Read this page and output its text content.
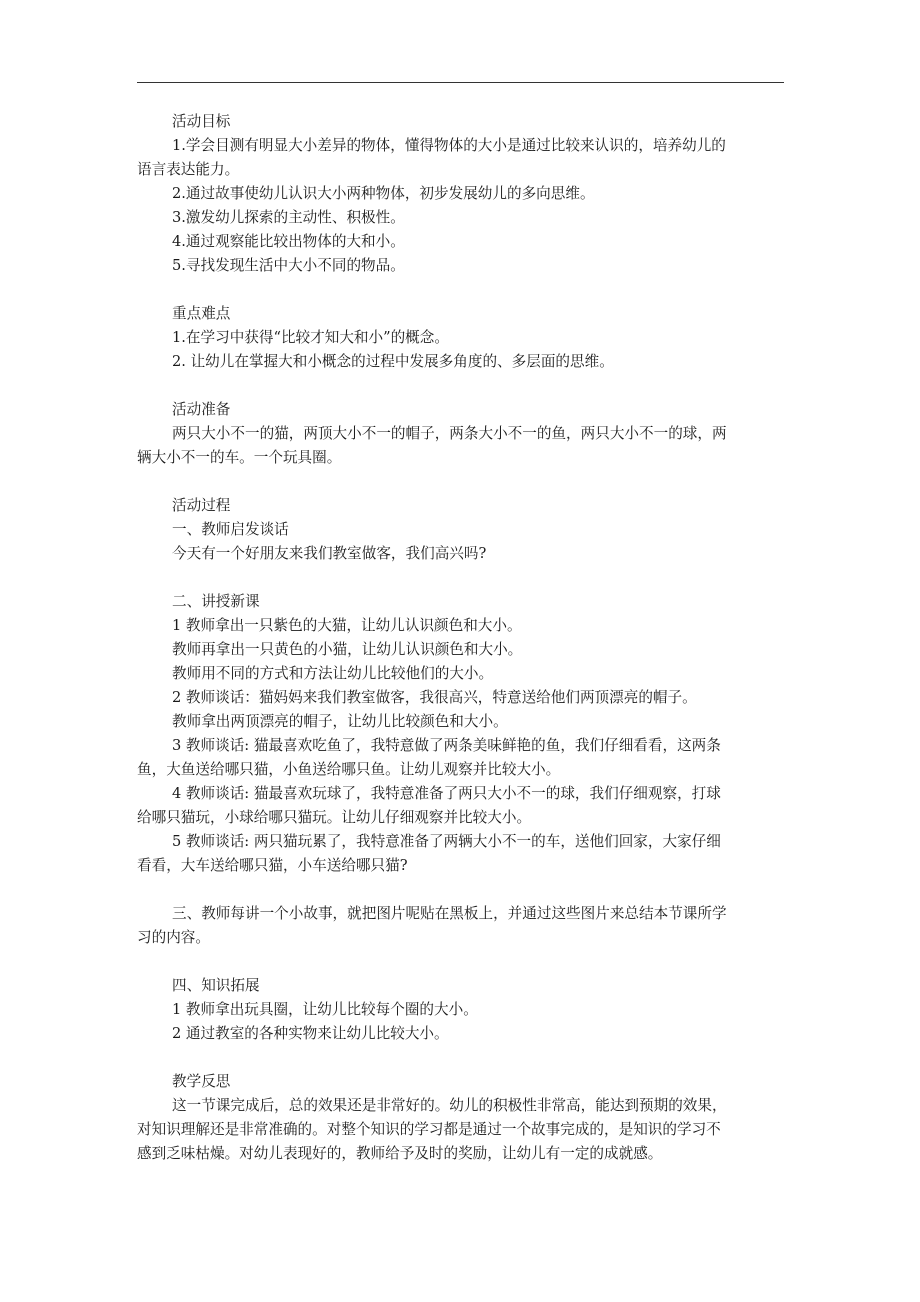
活动目标
1.学会目测有明显大小差异的物体，懂得物体的大小是通过比较来认识的，培养幼儿的
语言表达能力。
2.通过故事使幼儿认识大小两种物体，初步发展幼儿的多向思维。
3.激发幼儿探索的主动性、积极性。
4.通过观察能比较出物体的大和小。
5.寻找发现生活中大小不同的物品。
重点难点
1.在学习中获得“比较才知大和小”的概念。
2. 让幼儿在掌握大和小概念的过程中发展多角度的、多层面的思维。
活动准备
两只大小不一的猫，两顶大小不一的帽子，两条大小不一的鱼，两只大小不一的球，两
辆大小不一的车。一个玩具圈。
活动过程
一、教师启发谈话
今天有一个好朋友来我们教室做客，我们高兴吗?
二、讲授新课
1 教师拿出一只紫色的大猫，让幼儿认识颜色和大小。
教师再拿出一只黄色的小猫，让幼儿认识颜色和大小。
教师用不同的方式和方法让幼儿比较他们的大小。
2 教师谈话：猫妈妈来我们教室做客，我很高兴，特意送给他们两顶漂亮的帽子。
教师拿出两顶漂亮的帽子，让幼儿比较颜色和大小。
3 教师谈话: 猫最喜欢吃鱼了，我特意做了两条美味鲜艳的鱼，我们仔细看看，这两条
鱼，大鱼送给哪只猫，小鱼送给哪只鱼。让幼儿观察并比较大小。
4 教师谈话: 猫最喜欢玩球了，我特意准备了两只大小不一的球，我们仔细观察，打球
给哪只猫玩，小球给哪只猫玩。让幼儿仔细观察并比较大小。
5 教师谈话: 两只猫玩累了，我特意准备了两辆大小不一的车，送他们回家，大家仔细
看看，大车送给哪只猫，小车送给哪只猫?
三、教师每讲一个小故事，就把图片呢贴在黑板上，并通过这些图片来总结本节课所学
习的内容。
四、知识拓展
1 教师拿出玩具圈，让幼儿比较每个圈的大小。
2 通过教室的各种实物来让幼儿比较大小。
教学反思
这一节课完成后，总的效果还是非常好的。幼儿的积极性非常高，能达到预期的效果，
对知识理解还是非常准确的。对整个知识的学习都是通过一个故事完成的，是知识的学习不
感到乏味枯燥。对幼儿表现好的，教师给予及时的奖励，让幼儿有一定的成就感。
